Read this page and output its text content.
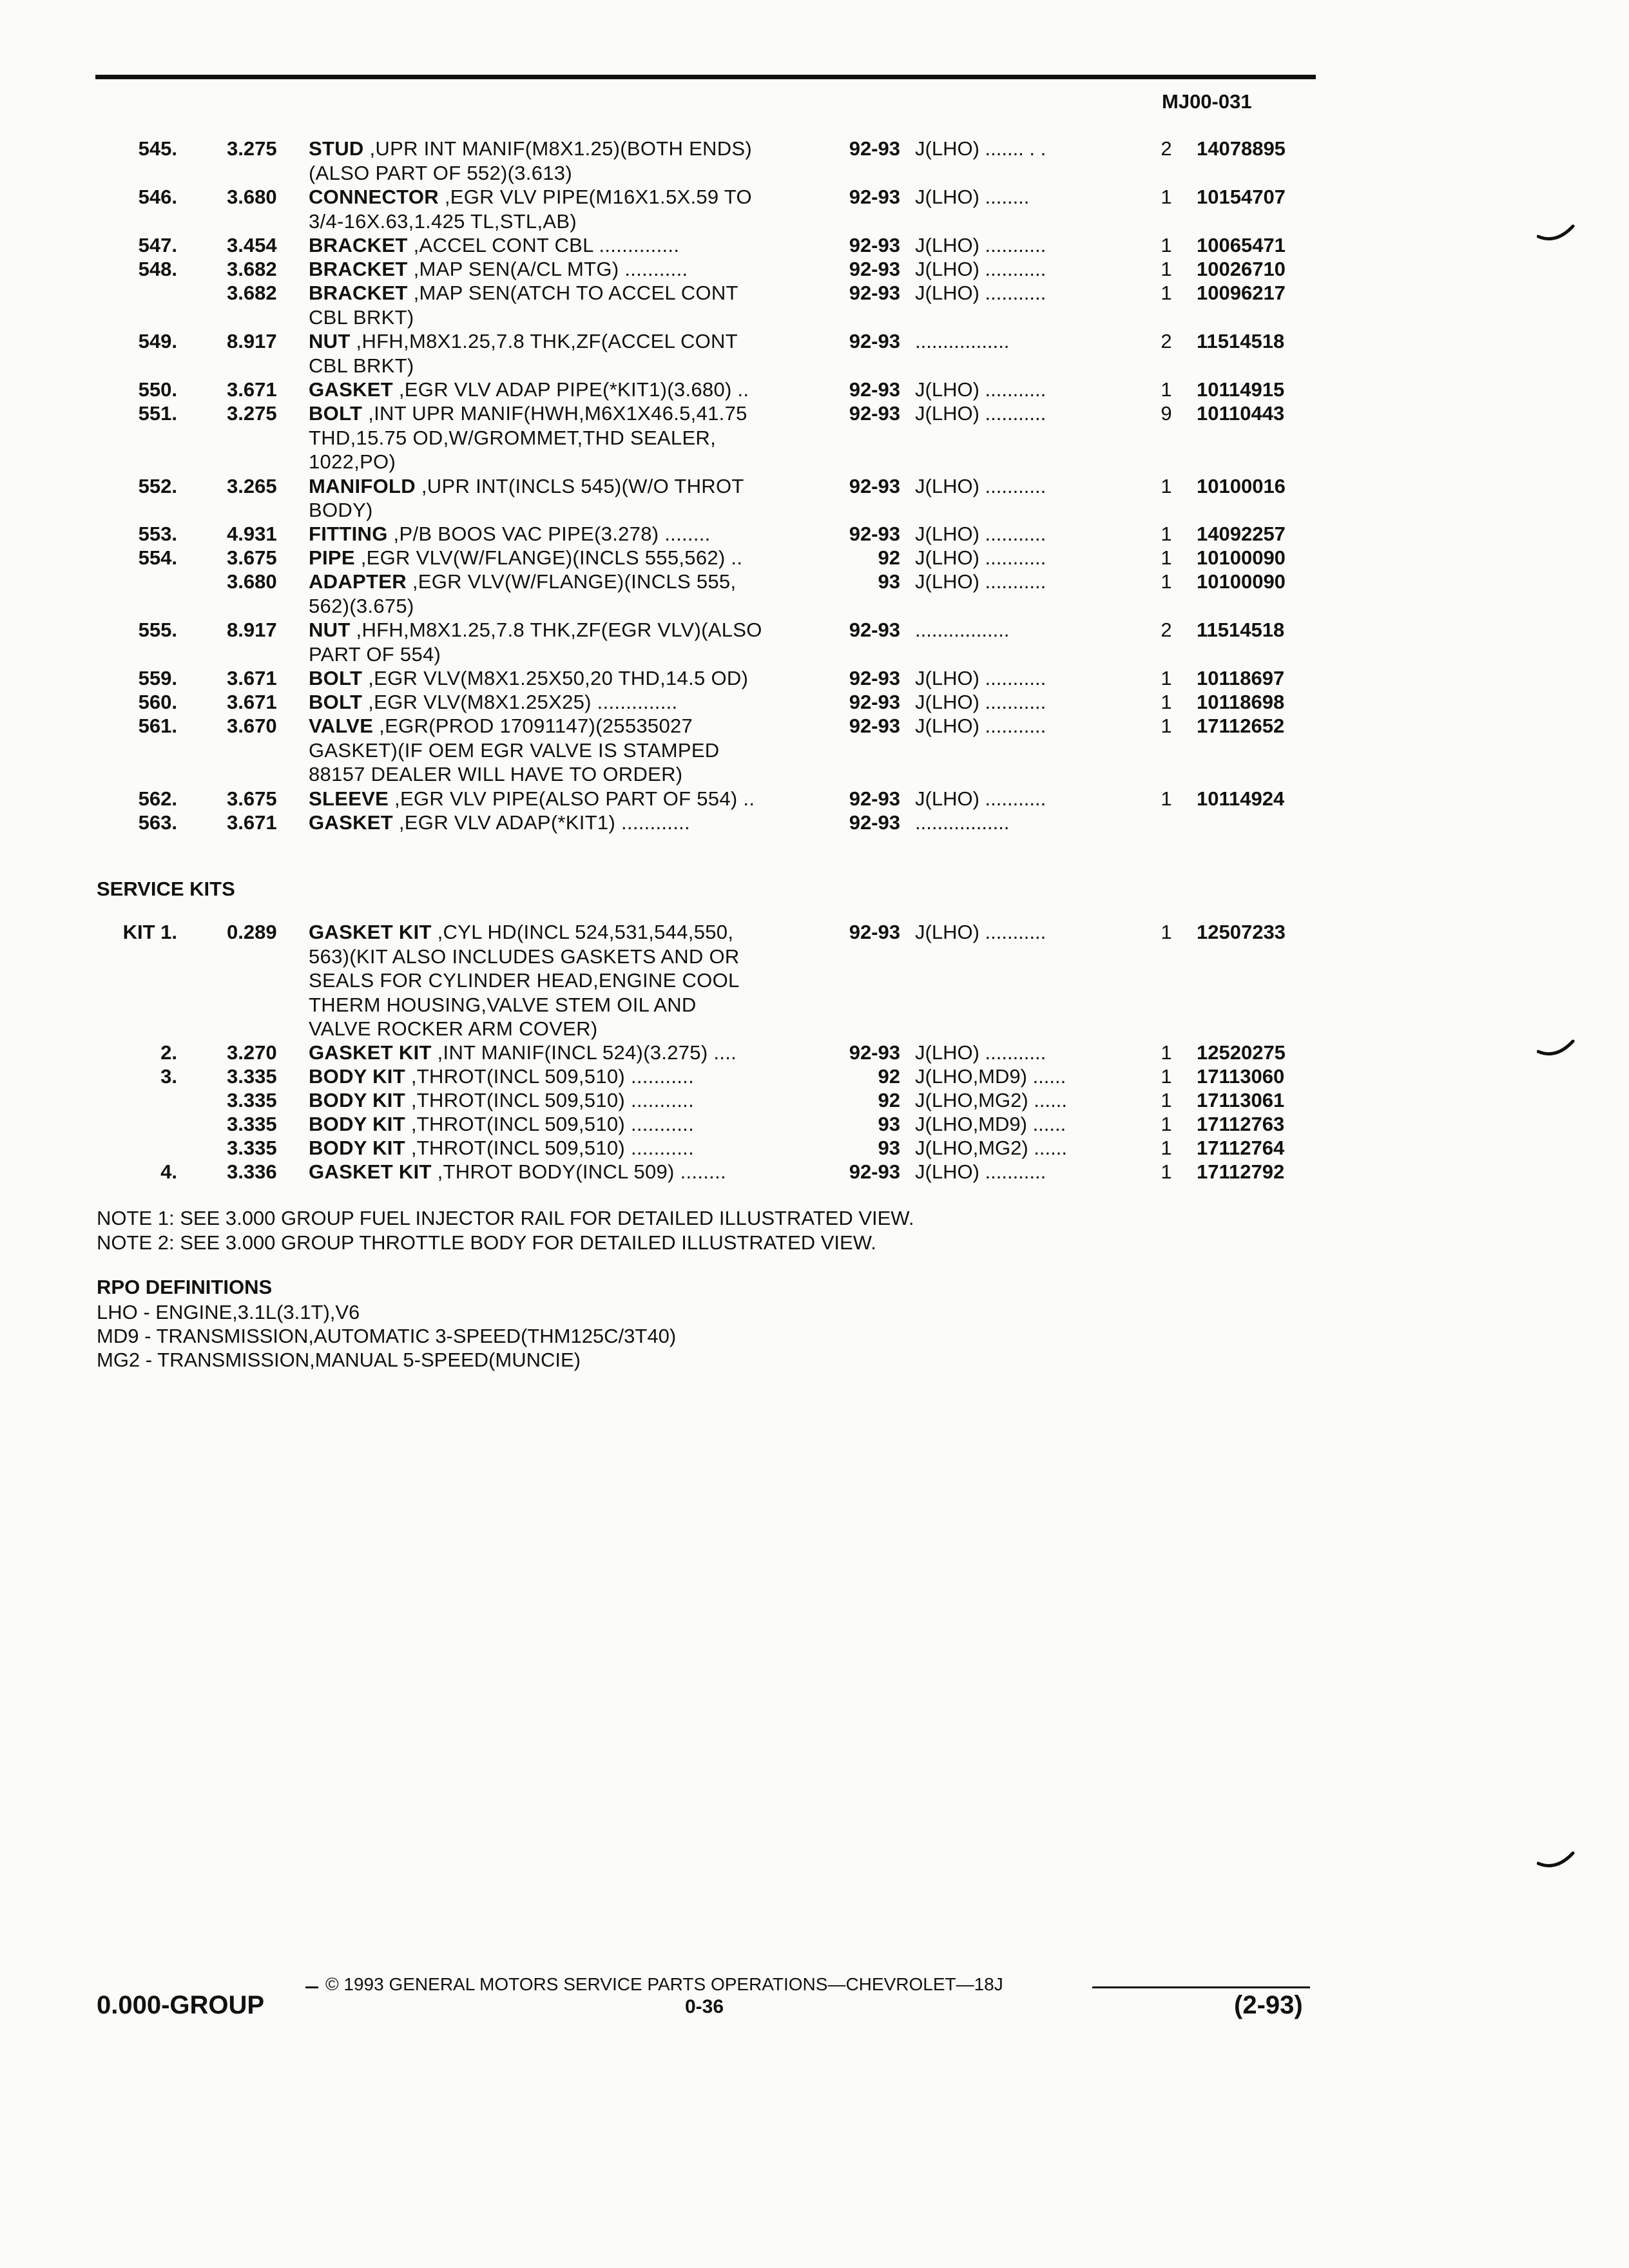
MJ00-031
545. 3.275 STUD ,UPR INT MANIF(M8X1.25)(BOTH ENDS)	92-93 J(LHO) ....... . .	2 14078895
(ALSO PART OF 552)(3.613)
546. 3.680 CONNECTOR ,EGR VLV PIPE(M16X1.5X.59 TO	92-93 J(LHO) ........	1 10154707
3/4-16X.63,1.425 TL,STL,AB)
547. 3.454 BRACKET ,ACCEL CONT CBL ..............	92-93 J(LHO) ...........	1 10065471
548. 3.682 BRACKET ,MAP SEN(A/CL MTG) ...........	92-93 J(LHO) ...........	1 10026710
3.682 BRACKET ,MAP SEN(ATCH TO ACCEL CONT	92-93 J(LHO) ...........	1 10096217
CBL BRKT)
549. 8.917 NUT ,HFH,M8X1.25,7.8 THK,ZF(ACCEL CONT	92-93 .................	2 11514518
CBL BRKT)
550. 3.671 GASKET ,EGR VLV ADAP PIPE(*KIT1)(3.680) ..	92-93 J(LHO) ...........	1 10114915
551. 3.275 BOLT ,INT UPR MANIF(HWH,M6X1X46.5,41.75	92-93 J(LHO) ...........	9 10110443
THD,15.75 OD,W/GROMMET,THD SEALER,
1022,PO)
552. 3.265 MANIFOLD ,UPR INT(INCLS 545)(W/O THROT	92-93 J(LHO) ...........	1 10100016
BODY)
553. 4.931 FITTING ,P/B BOOS VAC PIPE(3.278) ........	92-93 J(LHO) ...........	1 14092257
554. 3.675 PIPE ,EGR VLV(W/FLANGE)(INCLS 555,562) ..	92 J(LHO) ...........	1 10100090
3.680 ADAPTER ,EGR VLV(W/FLANGE)(INCLS 555,	93 J(LHO) ...........	1 10100090
562)(3.675)
555. 8.917 NUT ,HFH,M8X1.25,7.8 THK,ZF(EGR VLV)(ALSO	92-93 .................	2 11514518
PART OF 554)
559. 3.671 BOLT ,EGR VLV(M8X1.25X50,20 THD,14.5 OD)	92-93 J(LHO) ...........	1 10118697
560. 3.671 BOLT ,EGR VLV(M8X1.25X25) ..............	92-93 J(LHO) ...........	1 10118698
561. 3.670 VALVE ,EGR(PROD 17091147)(25535027	92-93 J(LHO) ...........	1 17112652
GASKET)(IF OEM EGR VALVE IS STAMPED
88157 DEALER WILL HAVE TO ORDER)
562. 3.675 SLEEVE ,EGR VLV PIPE(ALSO PART OF 554) ..	92-93 J(LHO) ...........	1 10114924
563. 3.671 GASKET ,EGR VLV ADAP(*KIT1) ............	92-93 .................
KIT 1. 0.289 GASKET KIT ,CYL HD(INCL 524,531,544,550,	92-93 J(LHO) ...........	1 12507233
563)(KIT ALSO INCLUDES GASKETS AND OR
SEALS FOR CYLINDER HEAD,ENGINE COOL
THERM HOUSING,VALVE STEM OIL AND
VALVE ROCKER ARM COVER)
2. 3.270 GASKET KIT ,INT MANIF(INCL 524)(3.275) ....	92-93 J(LHO) ...........	1 12520275
3. 3.335 BODY KIT ,THROT(INCL 509,510) ...........	92 J(LHO,MD9) ......	1 17113060
3.335 BODY KIT ,THROT(INCL 509,510) ...........	92 J(LHO,MG2) ......	1 17113061
3.335 BODY KIT ,THROT(INCL 509,510) ...........	93 J(LHO,MD9) ......	1 17112763
3.335 BODY KIT ,THROT(INCL 509,510) ...........	93 J(LHO,MG2) ......	1 17112764
4. 3.336 GASKET KIT ,THROT BODY(INCL 509) ........	92-93 J(LHO) ...........	1 17112792
SERVICE KITS
NOTE 1: SEE 3.000 GROUP FUEL INJECTOR RAIL FOR DETAILED ILLUSTRATED VIEW.
NOTE 2: SEE 3.000 GROUP THROTTLE BODY FOR DETAILED ILLUSTRATED VIEW.
RPO DEFINITIONS
LHO - ENGINE,3.1L(3.1T),V6
MD9 - TRANSMISSION,AUTOMATIC 3-SPEED(THM125C/3T40)
MG2 - TRANSMISSION,MANUAL 5-SPEED(MUNCIE)
© 1993 GENERAL MOTORS SERVICE PARTS OPERATIONS—CHEVROLET—18J
0.000-GROUP	0-36	(2-93)
